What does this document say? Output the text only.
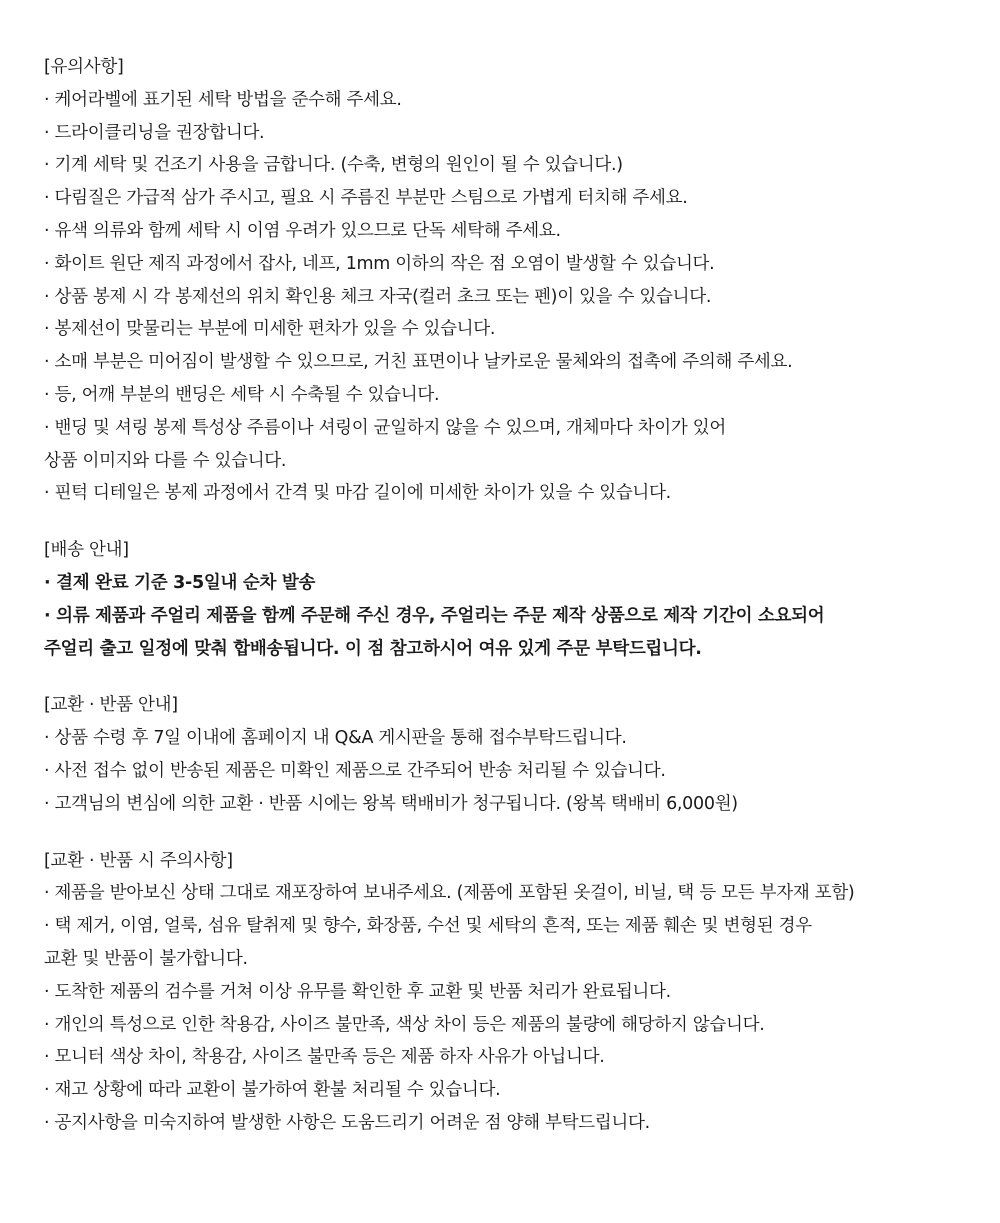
[유의사항]
· 케어라벨에 표기된 세탁 방법을 준수해 주세요.
· 드라이클리닝을 권장합니다.
· 기계 세탁 및 건조기 사용을 금합니다. (수축, 변형의 원인이 될 수 있습니다.)
· 다림질은 가급적 삼가 주시고, 필요 시 주름진 부분만 스팀으로 가볍게 터치해 주세요.
· 유색 의류와 함께 세탁 시 이염 우려가 있으므로 단독 세탁해 주세요.
· 화이트 원단 제직 과정에서 잡사, 네프, 1mm 이하의 작은 점 오염이 발생할 수 있습니다.
· 상품 봉제 시 각 봉제선의 위치 확인용 체크 자국(컬러 초크 또는 펜)이 있을 수 있습니다.
· 봉제선이 맞물리는 부분에 미세한 편차가 있을 수 있습니다.
· 소매 부분은 미어짐이 발생할 수 있으므로, 거친 표면이나 날카로운 물체와의 접촉에 주의해 주세요.
· 등, 어깨 부분의 밴딩은 세탁 시 수축될 수 있습니다.
· 밴딩 및 셔링 봉제 특성상 주름이나 셔링이 균일하지 않을 수 있으며, 개체마다 차이가 있어
상품 이미지와 다를 수 있습니다.
· 핀턱 디테일은 봉제 과정에서 간격 및 마감 길이에 미세한 차이가 있을 수 있습니다.
[배송 안내]
· 결제 완료 기준 3-5일내 순차 발송
· 의류 제품과 주얼리 제품을 함께 주문해 주신 경우, 주얼리는 주문 제작 상품으로 제작 기간이 소요되어
주얼리 출고 일정에 맞춰 합배송됩니다. 이 점 참고하시어 여유 있게 주문 부탁드립니다.
[교환 · 반품 안내]
· 상품 수령 후 7일 이내에 홈페이지 내 Q&A 게시판을 통해 접수부탁드립니다.
· 사전 접수 없이 반송된 제품은 미확인 제품으로 간주되어 반송 처리될 수 있습니다.
· 고객님의 변심에 의한 교환 · 반품 시에는 왕복 택배비가 청구됩니다. (왕복 택배비 6,000원)
[교환 · 반품 시 주의사항]
· 제품을 받아보신 상태 그대로 재포장하여 보내주세요. (제품에 포함된 옷걸이, 비닐, 택 등 모든 부자재 포함)
· 택 제거, 이염, 얼룩, 섬유 탈취제 및 향수, 화장품, 수선 및 세탁의 흔적, 또는 제품 훼손 및 변형된 경우
교환 및 반품이 불가합니다.
· 도착한 제품의 검수를 거쳐 이상 유무를 확인한 후 교환 및 반품 처리가 완료됩니다.
· 개인의 특성으로 인한 착용감, 사이즈 불만족, 색상 차이 등은 제품의 불량에 해당하지 않습니다.
· 모니터 색상 차이, 착용감, 사이즈 불만족 등은 제품 하자 사유가 아닙니다.
· 재고 상황에 따라 교환이 불가하여 환불 처리될 수 있습니다.
· 공지사항을 미숙지하여 발생한 사항은 도움드리기 어려운 점 양해 부탁드립니다.
